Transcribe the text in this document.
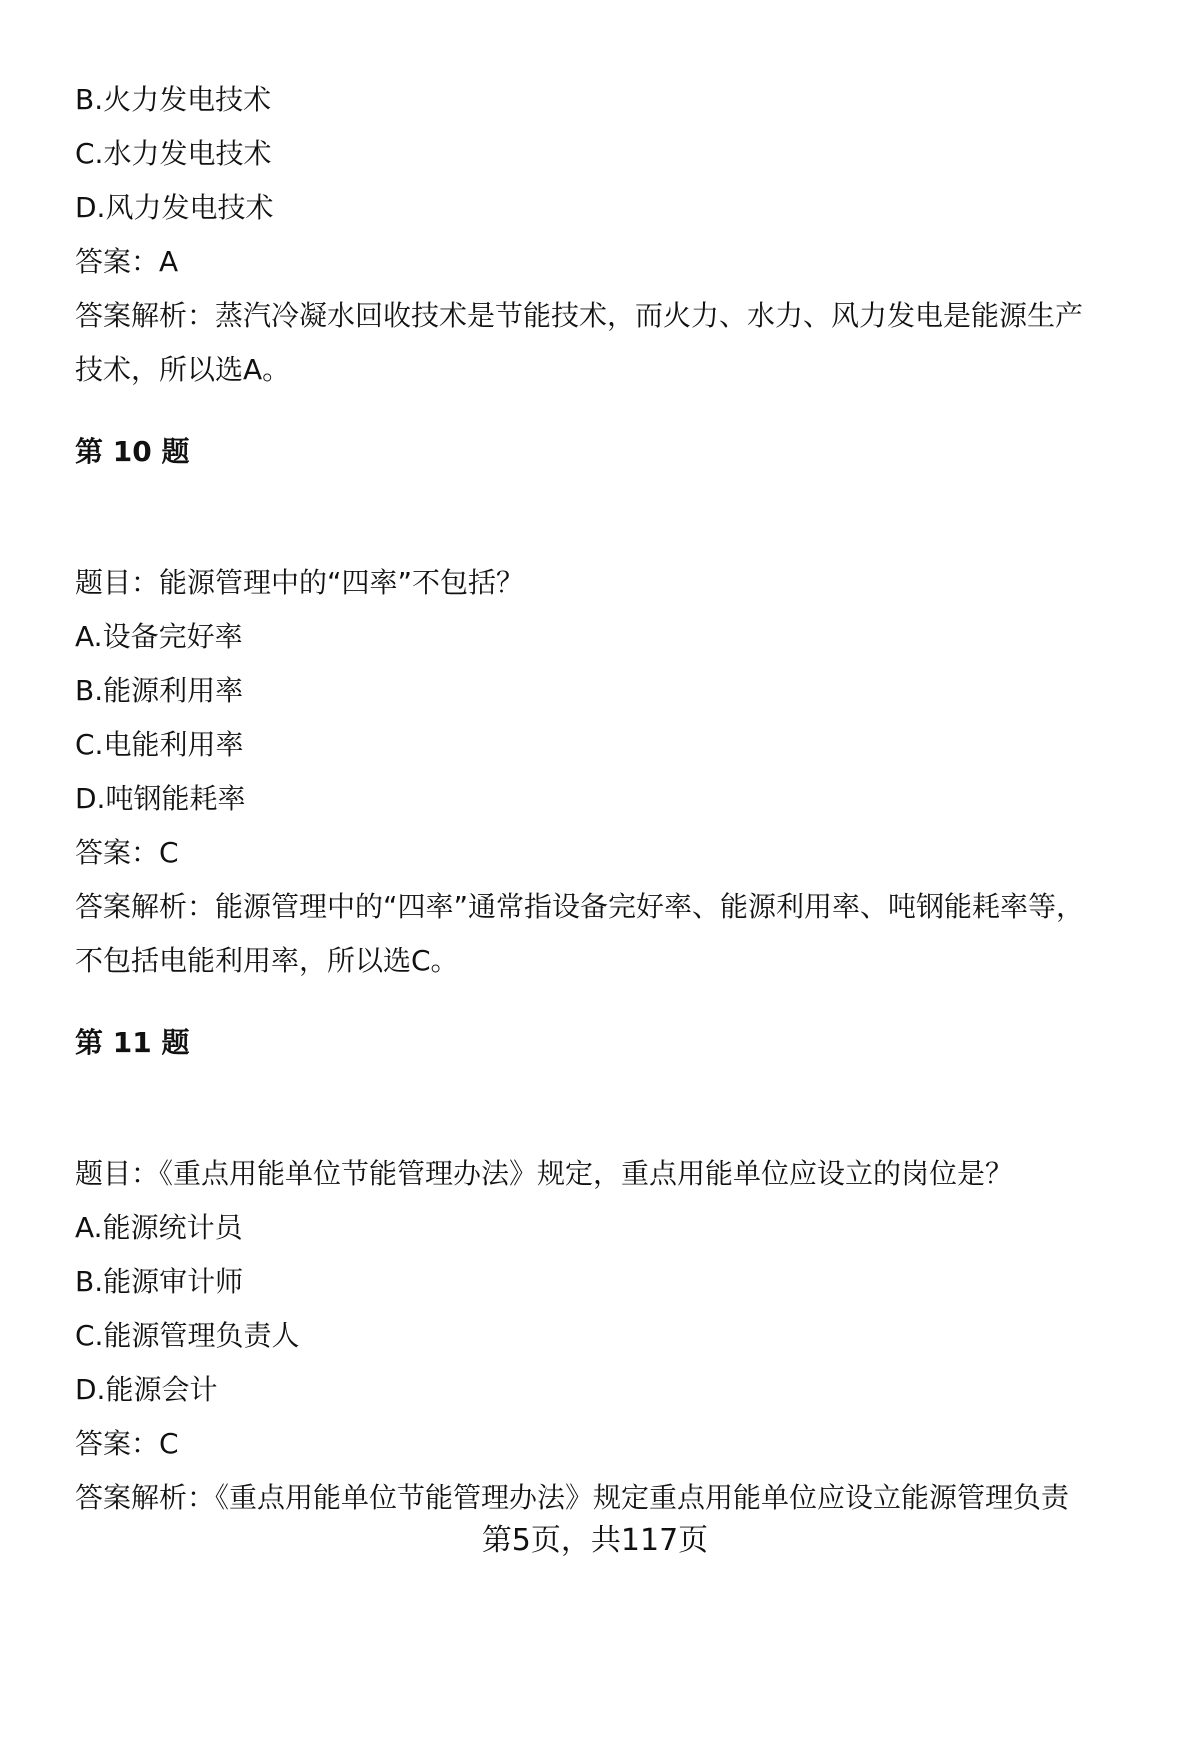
B.火力发电技术
C.水力发电技术
D.风力发电技术
答案：A
答案解析：蒸汽冷凝水回收技术是节能技术，而火力、水力、风力发电是能源生产
技术，所以选A。
第 10 题
题目：能源管理中的“四率”不包括？
A.设备完好率
B.能源利用率
C.电能利用率
D.吨钢能耗率
答案：C
答案解析：能源管理中的“四率”通常指设备完好率、能源利用率、吨钢能耗率等，
不包括电能利用率，所以选C。
第 11 题
题目：《重点用能单位节能管理办法》规定，重点用能单位应设立的岗位是？
A.能源统计员
B.能源审计师
C.能源管理负责人
D.能源会计
答案：C
答案解析：《重点用能单位节能管理办法》规定重点用能单位应设立能源管理负责
第5页，共117页
